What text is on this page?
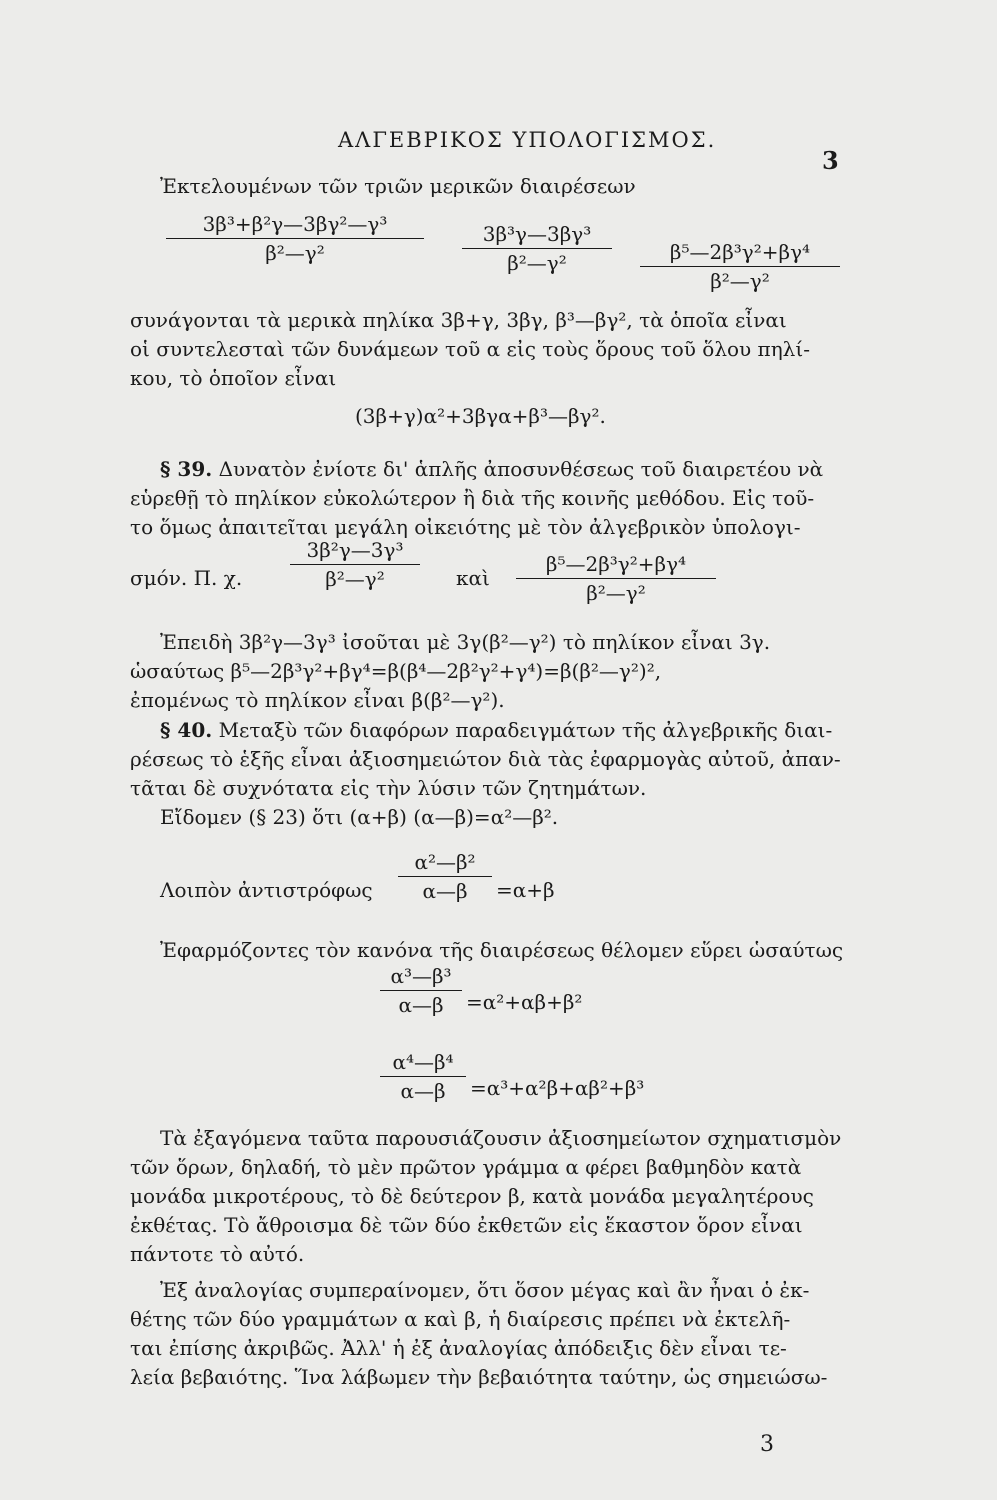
ΑΛΓΕΒΡΙΚΟΣ ΥΠΟΛΟΓΙΣΜΟΣ.
3
Ἐκτελουμένων τῶν τριῶν μερικῶν διαιρέσεων
$\frac{\text{3β³+β²γ—3βγ²—γ³}}{\text{β²—γ²}} \frac{\text{3β³γ—3βγ³}}{\text{β²—γ²}} \frac{\text{β⁵—2β³γ²+βγ⁴}}{\text{β²—γ²}}$
συνάγονται τὰ μερικὰ πηλίκα 3β+γ, 3βγ, β³—βγ², τὰ ὁποῖα εἶναι
οἱ συντελεσταὶ τῶν δυνάμεων τοῦ α εἰς τοὺς ὅρους τοῦ ὅλου πηλί-
κου, τὸ ὁποῖον εἶναι
(3β+γ)α²+3βγα+β³—βγ².
§ 39. Δυνατὸν ἐνίοτε δι' ἁπλῆς ἀποσυνθέσεως τοῦ διαιρετέου νὰ
εὑρεθῇ τὸ πηλίκον εὐκολώτερον ἢ διὰ τῆς κοινῆς μεθόδου. Εἰς τοῦ-
το ὅμως ἀπαιτεῖται μεγάλη οἰκειότης μὲ τὸν ἀλγεβρικὸν ὑπολογι-
σμόν. Π. χ. $\frac{\text{3β²γ—3γ³}}{\text{β²—γ²}}$ καὶ $\frac{\text{β⁵—2β³γ²+βγ⁴}}{\text{β²—γ²}}$
Ἐπειδὴ 3β²γ—3γ³ ἰσοῦται μὲ 3γ(β²—γ²) τὸ πηλίκον εἶναι 3γ.
ὡσαύτως β⁵—2β³γ²+βγ⁴=β(β⁴—2β²γ²+γ⁴)=β(β²—γ²)²,
ἐπομένως τὸ πηλίκον εἶναι β(β²—γ²).
§ 40. Μεταξὺ τῶν διαφόρων παραδειγμάτων τῆς ἀλγεβρικῆς διαι-
ρέσεως τὸ ἑξῆς εἶναι ἀξιοσημειώτον διὰ τὰς ἐφαρμογὰς αὐτοῦ, ἀπαν-
τᾶται δὲ συχνότατα εἰς τὴν λύσιν τῶν ζητημάτων.
Εἴδομεν (§ 23) ὅτι (α+β) (α—β)=α²—β².
Λοιπὸν ἀντιστρόφως $\frac{\text{α²—β²}}{\alpha—\beta} =\alpha+\beta$
Ἐφαρμόζοντες τὸν κανόνα τῆς διαιρέσεως θέλομεν εὕρει ὡσαύτως
$\frac{\text{α³—β³}}{\alpha—\beta} =\alpha^2+\alpha\beta+\beta^2$
$\frac{\text{α⁴—β⁴}}{\alpha—\beta} =\alpha^3+\alpha^2\beta+\alpha\beta^2+\beta^3$
Τὰ ἐξαγόμενα ταῦτα παρουσιάζουσιν ἀξιοσημείωτον σχηματισμὸν
τῶν ὅρων, δηλαδή, τὸ μὲν πρῶτον γράμμα α φέρει βαθμηδὸν κατὰ
μονάδα μικροτέρους, τὸ δὲ δεύτερον β, κατὰ μονάδα μεγαλητέρους
ἐκθέτας. Τὸ ἄθροισμα δὲ τῶν δύο ἐκθετῶν εἰς ἕκαστον ὅρον εἶναι
πάντοτε τὸ αὐτό.
Ἐξ ἀναλογίας συμπεραίνομεν, ὅτι ὅσον μέγας καὶ ἂν ἦναι ὁ ἐκ-
θέτης τῶν δύο γραμμάτων α καὶ β, ἡ διαίρεσις πρέπει νὰ ἐκτελῆ-
ται ἐπίσης ἀκριβῶς. Ἀλλ' ἡ ἐξ ἀναλογίας ἀπόδειξις δὲν εἶναι τε-
λεία βεβαιότης. Ἵνα λάβωμεν τὴν βεβαιότητα ταύτην, ὡς σημειώσω-
3
